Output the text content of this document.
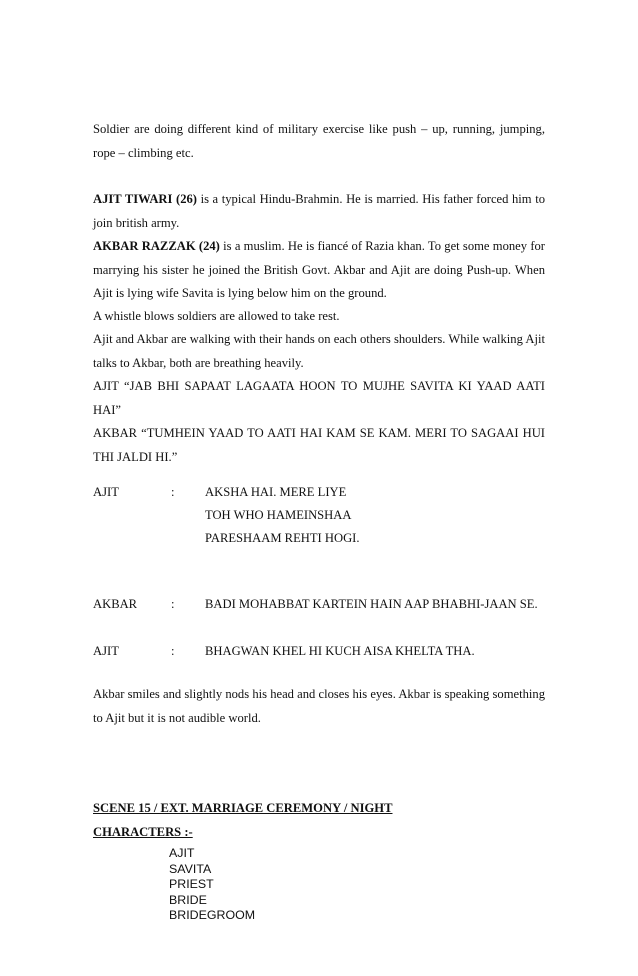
Soldier are doing different kind of military exercise like push – up, running, jumping, rope – climbing etc.

AJIT TIWARI (26) is a typical Hindu-Brahmin. He is married. His father forced him to join british army.

AKBAR RAZZAK (24) is a muslim. He is fiancé of Razia khan. To get some money for marrying his sister he joined the British Govt. Akbar and Ajit are doing Push-up. When Ajit is lying wife Savita is lying below him on the ground.

A whistle blows soldiers are allowed to take rest.

Ajit and Akbar are walking with their hands on each others shoulders. While walking Ajit talks to Akbar, both are breathing heavily.

AJIT “JAB BHI SAPAAT LAGAATA HOON TO MUJHE SAVITA KI YAAD AATI HAI”

AKBAR “TUMHEIN YAAD TO AATI HAI KAM SE KAM. MERI TO SAGAAI HUI THI JALDI HI.”

AJIT	: AKSHA HAI. MERE LIYE
TOH WHO HAMEINSHAA
PARESHAAM REHTI HOGI.
AKBAR	: BADI MOHABBAT KARTEIN HAIN AAP BHABHI-JAAN SE.
AJIT	: BHAGWAN KHEL HI KUCH AISA KHELTA THA.

Akbar smiles and slightly nods his head and closes his eyes. Akbar is speaking something to Ajit but it is not audible world.

SCENE 15 / EXT. MARRIAGE CEREMONY / NIGHT
CHARACTERS :-
AJIT
SAVITA
PRIEST
BRIDE
BRIDEGROOM
